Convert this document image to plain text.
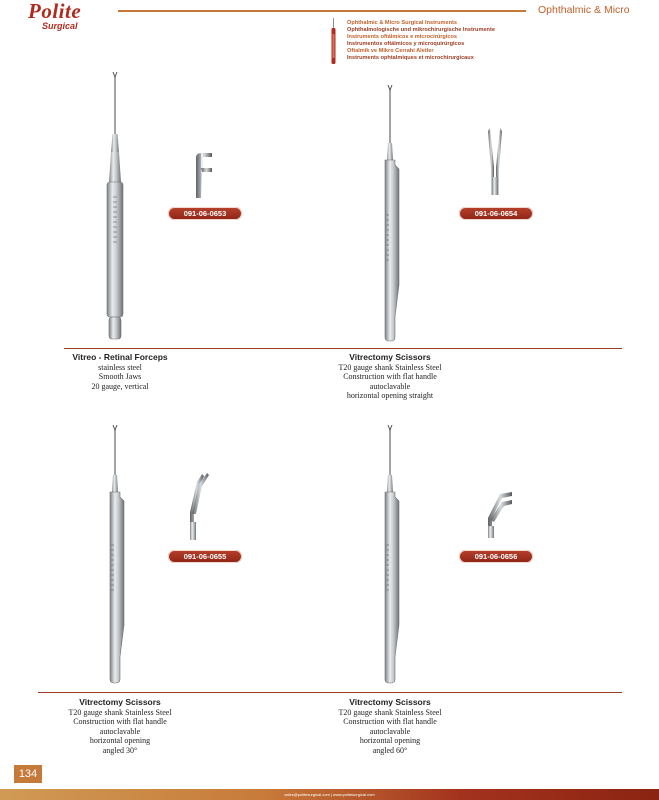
Polite
Surgical
Ophthalmic & Micro
Ophthalmic & Micro Surgical Instruments
Ophthalmologische und mikrochirurgische Instrumente
Instruments oftálmicos e microcirúrgicos
Instrumentos oftálmicos y microquirúrgicos
Oftalmik ve Mikro Cerrahi Aletler
Instruments ophtalmiques et microchirurgicaux
091-06-0653	091-06-0654
Vitreo - Retinal Forceps
stainless steel
Smooth Jaws
20 gauge, vertical
Vitrectomy Scissors
T20 gauge shank Stainless Steel
Construction with flat handle
autoclavable
horizontal opening straight
091-06-0655	091-06-0656
Vitrectomy Scissors
T20 gauge shank Stainless Steel
Construction with flat handle
autoclavable
horizontal opening
angled 30°
Vitrectomy Scissors
T20 gauge shank Stainless Steel
Construction with flat handle
autoclavable
horizontal opening
angled 60°
134
sales@politesurgical.com | www.politesurgical.com
